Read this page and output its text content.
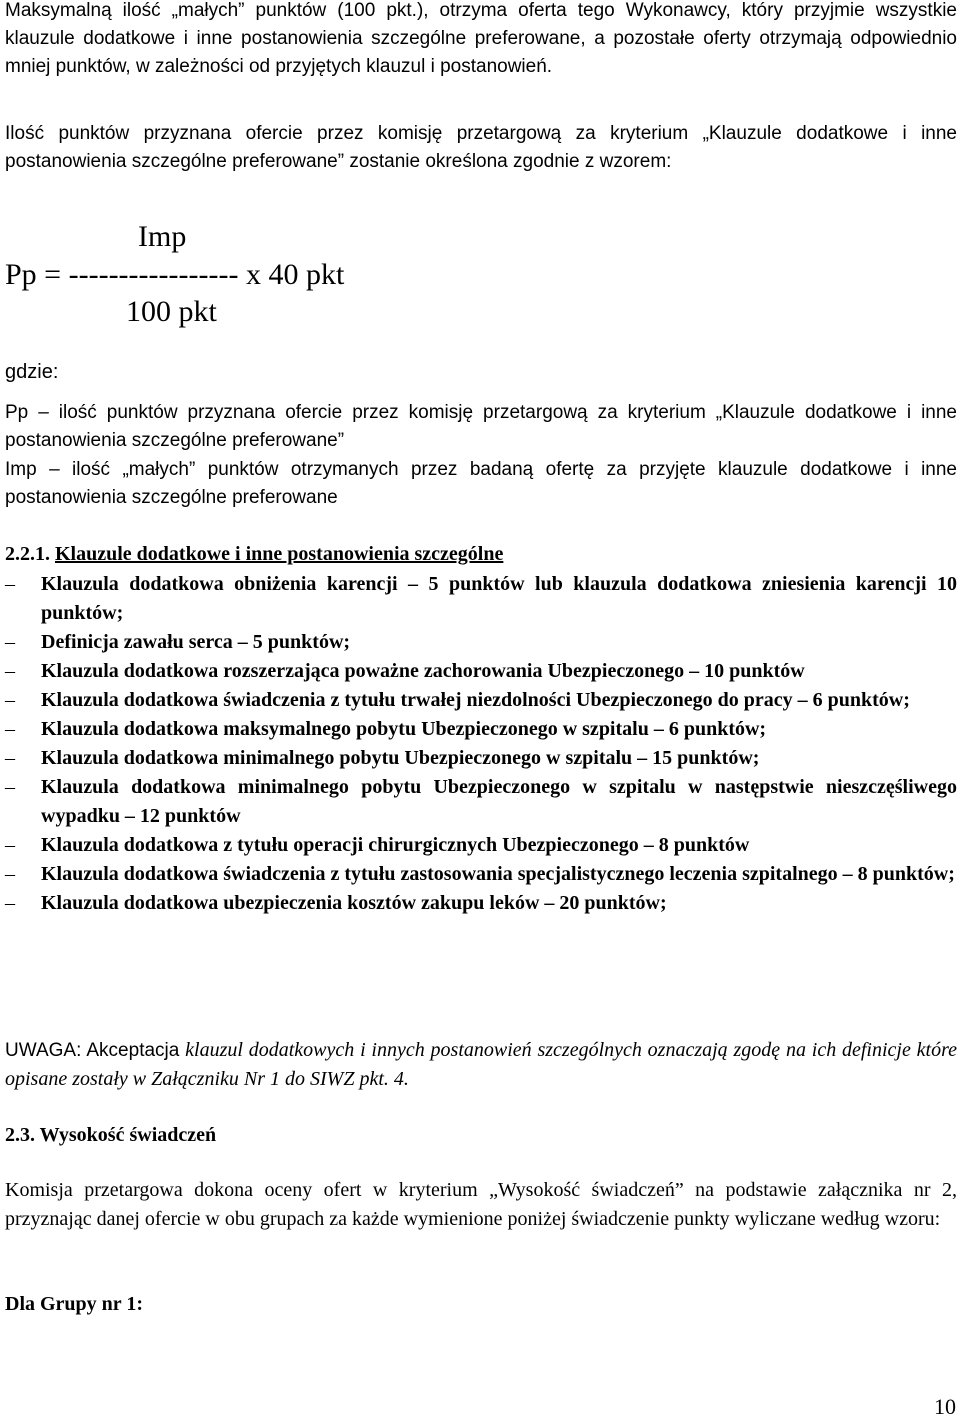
Maksymalną ilość „małych” punktów (100 pkt.), otrzyma oferta tego Wykonawcy, który przyjmie wszystkie klauzule dodatkowe i inne postanowienia szczególne preferowane, a pozostałe oferty otrzymają odpowiednio mniej punktów, w zależności od przyjętych klauzul i postanowień.

Ilość punktów przyznana ofercie przez komisję przetargową za kryterium „Klauzule dodatkowe i inne postanowienia szczególne preferowane” zostanie określona zgodnie z wzorem:

Imp
Pp = ----------------- x 40 pkt
100 pkt

gdzie:

Pp – ilość punktów przyznana ofercie przez komisję przetargową za kryterium „Klauzule dodatkowe i inne postanowienia szczególne preferowane”

Imp – ilość „małych” punktów otrzymanych przez badaną ofertę za przyjęte klauzule dodatkowe i inne postanowienia szczególne preferowane

2.2.1. Klauzule dodatkowe i inne postanowienia szczególne

– Klauzula dodatkowa obniżenia karencji – 5 punktów lub klauzula dodatkowa zniesienia karencji 10 punktów;
– Definicja zawału serca – 5 punktów;
– Klauzula dodatkowa rozszerzająca poważne zachorowania Ubezpieczonego – 10 punktów
– Klauzula dodatkowa świadczenia z tytułu trwałej niezdolności Ubezpieczonego do pracy – 6 punktów;
– Klauzula dodatkowa maksymalnego pobytu Ubezpieczonego w szpitalu – 6 punktów;
– Klauzula dodatkowa minimalnego pobytu Ubezpieczonego w szpitalu – 15 punktów;
– Klauzula dodatkowa minimalnego pobytu Ubezpieczonego w szpitalu w następstwie nieszczęśliwego wypadku – 12 punktów
– Klauzula dodatkowa z tytułu operacji chirurgicznych Ubezpieczonego – 8 punktów
– Klauzula dodatkowa świadczenia z tytułu zastosowania specjalistycznego leczenia szpitalnego – 8 punktów;
– Klauzula dodatkowa ubezpieczenia kosztów zakupu leków – 20 punktów;

UWAGA: Akceptacja klauzul dodatkowych i innych postanowień szczególnych oznaczają zgodę na ich definicje które opisane zostały w Załączniku Nr 1 do SIWZ pkt. 4.

2.3. Wysokość świadczeń

Komisja przetargowa dokona oceny ofert w kryterium „Wysokość świadczeń” na podstawie załącznika nr 2, przyznając danej ofercie w obu grupach za każde wymienione poniżej świadczenie punkty wyliczane według wzoru:

Dla Grupy nr 1:

10
